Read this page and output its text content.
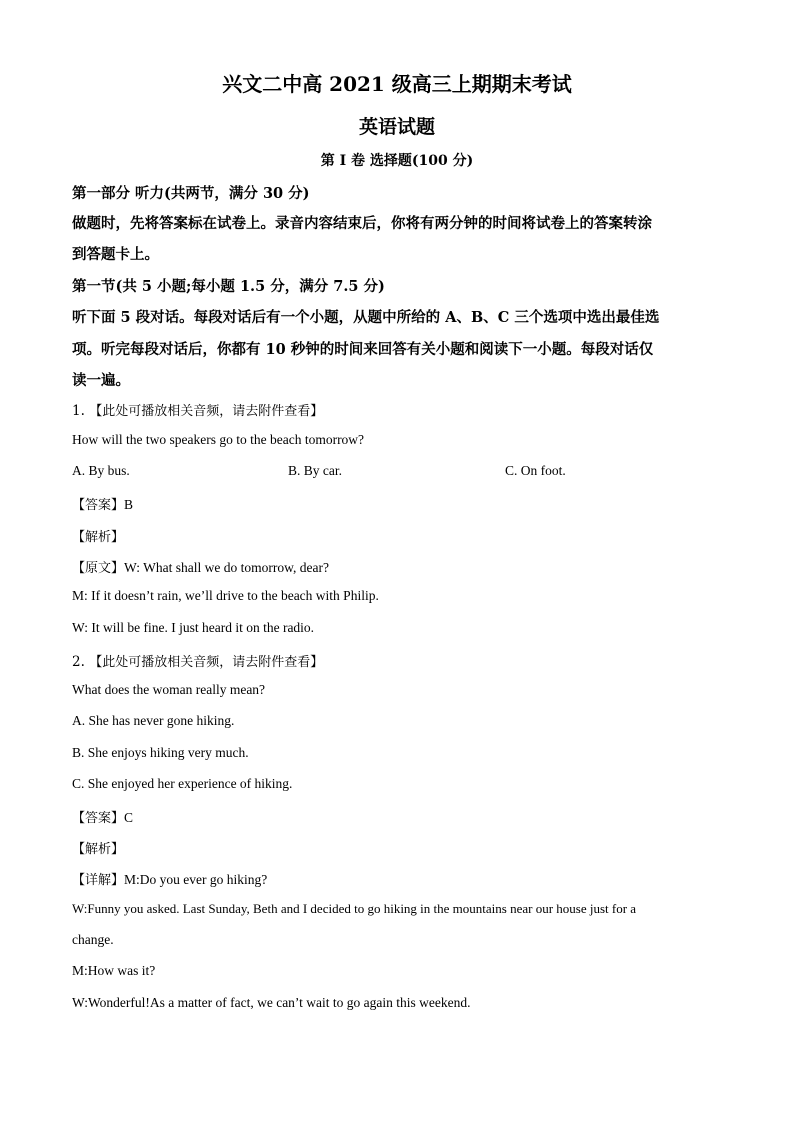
兴文二中高 2021 级高三上期期末考试
英语试题
第 I 卷 选择题(100 分)
第一部分 听力(共两节，满分 30 分)
做题时，先将答案标在试卷上。录音内容结束后，你将有两分钟的时间将试卷上的答案转涂
到答题卡上。
第一节(共 5 小题;每小题 1.5 分，满分 7.5 分)
听下面 5 段对话。每段对话后有一个小题，从题中所给的 A、B、C 三个选项中选出最佳选
项。听完每段对话后，你都有 10 秒钟的时间来回答有关小题和阅读下一小题。每段对话仅
读一遍。
1. 【此处可播放相关音频，请去附件查看】
How will the two speakers go to the beach tomorrow?
A. By bus.	B. By car.	C. On foot.
【答案】B
【解析】
【原文】W: What shall we do tomorrow, dear?
M: If it doesn’t rain, we’ll drive to the beach with Philip.
W: It will be fine. I just heard it on the radio.
2. 【此处可播放相关音频，请去附件查看】
What does the woman really mean?
A. She has never gone hiking.
B. She enjoys hiking very much.
C. She enjoyed her experience of hiking.
【答案】C
【解析】
【详解】M:Do you ever go hiking?
W:Funny you asked. Last Sunday, Beth and I decided to go hiking in the mountains near our house just for a
change.
M:How was it?
W:Wonderful!As a matter of fact, we can’t wait to go again this weekend.
